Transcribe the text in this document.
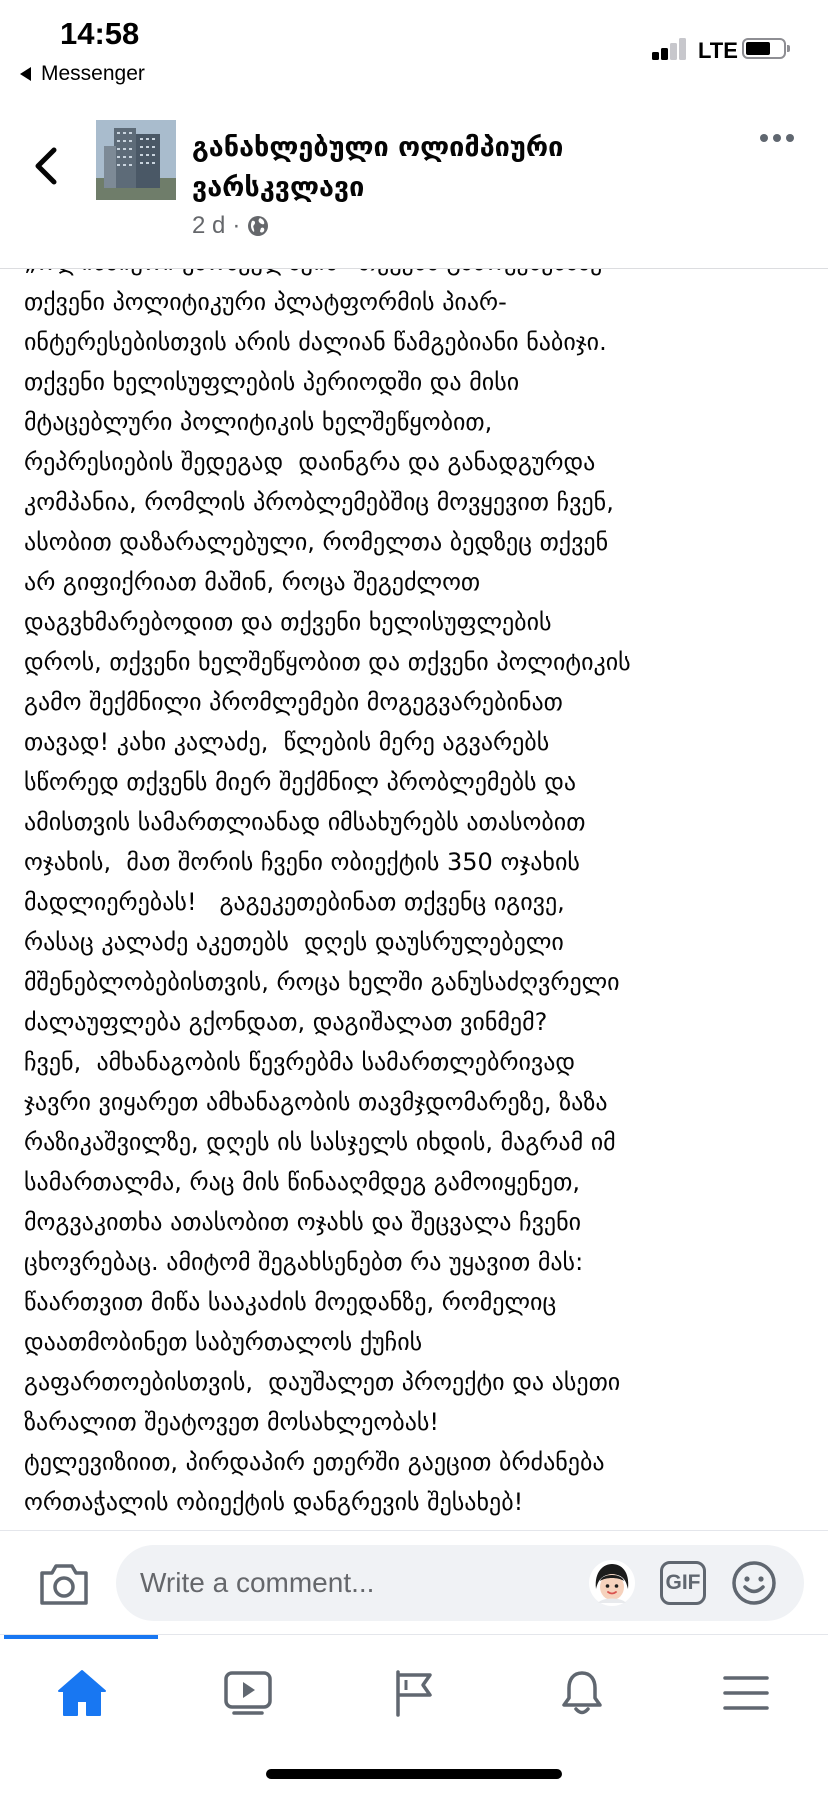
14:58
Messenger
LTE
განახლებული ოლიმპიური ვარსკვლავი
2 d ·

თქვენი პოლიტიკური პლატფორმის პიარ-
ინტერესებისთვის არის ძალიან წამგებიანი ნაბიჯი.
თქვენი ხელისუფლების პერიოდში და მისი
მტაცებლური პოლიტიკის ხელშეწყობით,
რეპრესიების შედეგად  დაინგრა და განადგურდა
კომპანია, რომლის პრობლემებშიც მოვყევით ჩვენ,
ასობით დაზარალებული, რომელთა ბედზეც თქვენ
არ გიფიქრიათ მაშინ, როცა შეგეძლოთ
დაგვხმარებოდით და თქვენი ხელისუფლების
დროს, თქვენი ხელშეწყობით და თქვენი პოლიტიკის
გამო შექმნილი პრომლემები მოგეგვარებინათ
თავად! კახი კალაძე,  წლების მერე აგვარებს
სწორედ თქვენს მიერ შექმნილ პრობლემებს და
ამისთვის სამართლიანად იმსახურებს ათასობით
ოჯახის,  მათ შორის ჩვენი ობიექტის 350 ოჯახის
მადლიერებას!   გაგეკეთებინათ თქვენც იგივე,
რასაც კალაძე აკეთებს  დღეს დაუსრულებელი
მშენებლობებისთვის, როცა ხელში განუსაძღვრელი
ძალაუფლება გქონდათ, დაგიშალათ ვინმემ?
ჩვენ,  ამხანაგობის წევრებმა სამართლებრივად
ჯავრი ვიყარეთ ამხანაგობის თავმჯდომარეზე, ზაზა
რაზიკაშვილზე, დღეს ის სასჯელს იხდის, მაგრამ იმ
სამართალმა, რაც მის წინააღმდეგ გამოიყენეთ,
მოგვაკითხა ათასობით ოჯახს და შეცვალა ჩვენი
ცხოვრებაც. ამიტომ შეგახსენებთ რა უყავით მას:
წაართვით მიწა სააკაძის მოედანზე, რომელიც
დაათმობინეთ საბურთალოს ქუჩის
გაფართოებისთვის,  დაუშალეთ პროექტი და ასეთი
ზარალით შეატოვეთ მოსახლეობას!
ტელევიზიით, პირდაპირ ეთერში გაეცით ბრძანება
ორთაჭალის ობიექტის დანგრევის შესახებ!

Write a comment...
GIF
